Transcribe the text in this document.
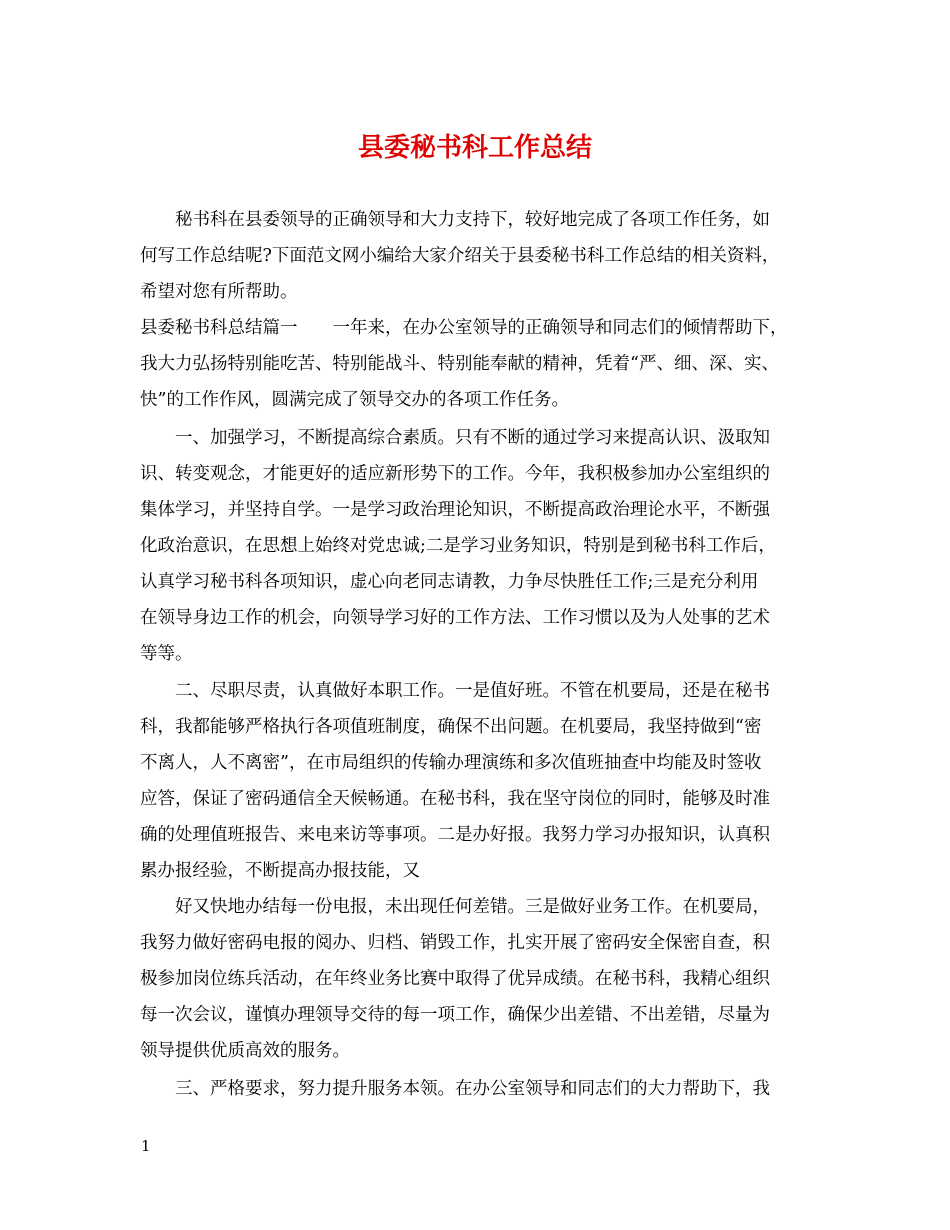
县委秘书科工作总结
　　秘书科在县委领导的正确领导和大力支持下，较好地完成了各项工作任务，如
何写工作总结呢?下面范文网小编给大家介绍关于县委秘书科工作总结的相关资料，
希望对您有所帮助。
县委秘书科总结篇一　　一年来，在办公室领导的正确领导和同志们的倾情帮助下，
我大力弘扬特别能吃苦、特别能战斗、特别能奉献的精神，凭着“严、细、深、实、
快”的工作作风，圆满完成了领导交办的各项工作任务。
　　一、加强学习，不断提高综合素质。只有不断的通过学习来提高认识、汲取知
识、转变观念，才能更好的适应新形势下的工作。今年，我积极参加办公室组织的
集体学习，并坚持自学。一是学习政治理论知识，不断提高政治理论水平，不断强
化政治意识，在思想上始终对党忠诚;二是学习业务知识，特别是到秘书科工作后，
认真学习秘书科各项知识，虚心向老同志请教，力争尽快胜任工作;三是充分利用
在领导身边工作的机会，向领导学习好的工作方法、工作习惯以及为人处事的艺术
等等。
　　二、尽职尽责，认真做好本职工作。一是值好班。不管在机要局，还是在秘书
科，我都能够严格执行各项值班制度，确保不出问题。在机要局，我坚持做到“密
不离人，人不离密”，在市局组织的传输办理演练和多次值班抽查中均能及时签收
应答，保证了密码通信全天候畅通。在秘书科，我在坚守岗位的同时，能够及时准
确的处理值班报告、来电来访等事项。二是办好报。我努力学习办报知识，认真积
累办报经验，不断提高办报技能，又
　　好又快地办结每一份电报，未出现任何差错。三是做好业务工作。在机要局，
我努力做好密码电报的阅办、归档、销毁工作，扎实开展了密码安全保密自查，积
极参加岗位练兵活动，在年终业务比赛中取得了优异成绩。在秘书科，我精心组织
每一次会议，谨慎办理领导交待的每一项工作，确保少出差错、不出差错，尽量为
领导提供优质高效的服务。
　　三、严格要求，努力提升服务本领。在办公室领导和同志们的大力帮助下，我
1
